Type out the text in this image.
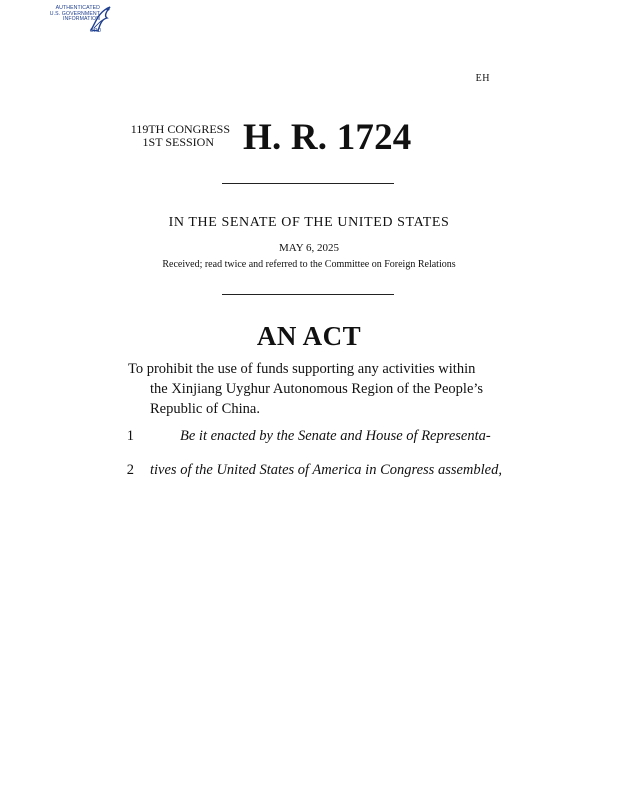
AUTHENTICATED
U.S. GOVERNMENT
INFORMATION
GPO
EH
119TH CONGRESS
1ST SESSION H. R. 1724
IN THE SENATE OF THE UNITED STATES
MAY 6, 2025
Received; read twice and referred to the Committee on Foreign Relations
AN ACT
To prohibit the use of funds supporting any activities within the Xinjiang Uyghur Autonomous Region of the People’s Republic of China.
1	Be it enacted by the Senate and House of Representa-
2 tives of the United States of America in Congress assembled,
